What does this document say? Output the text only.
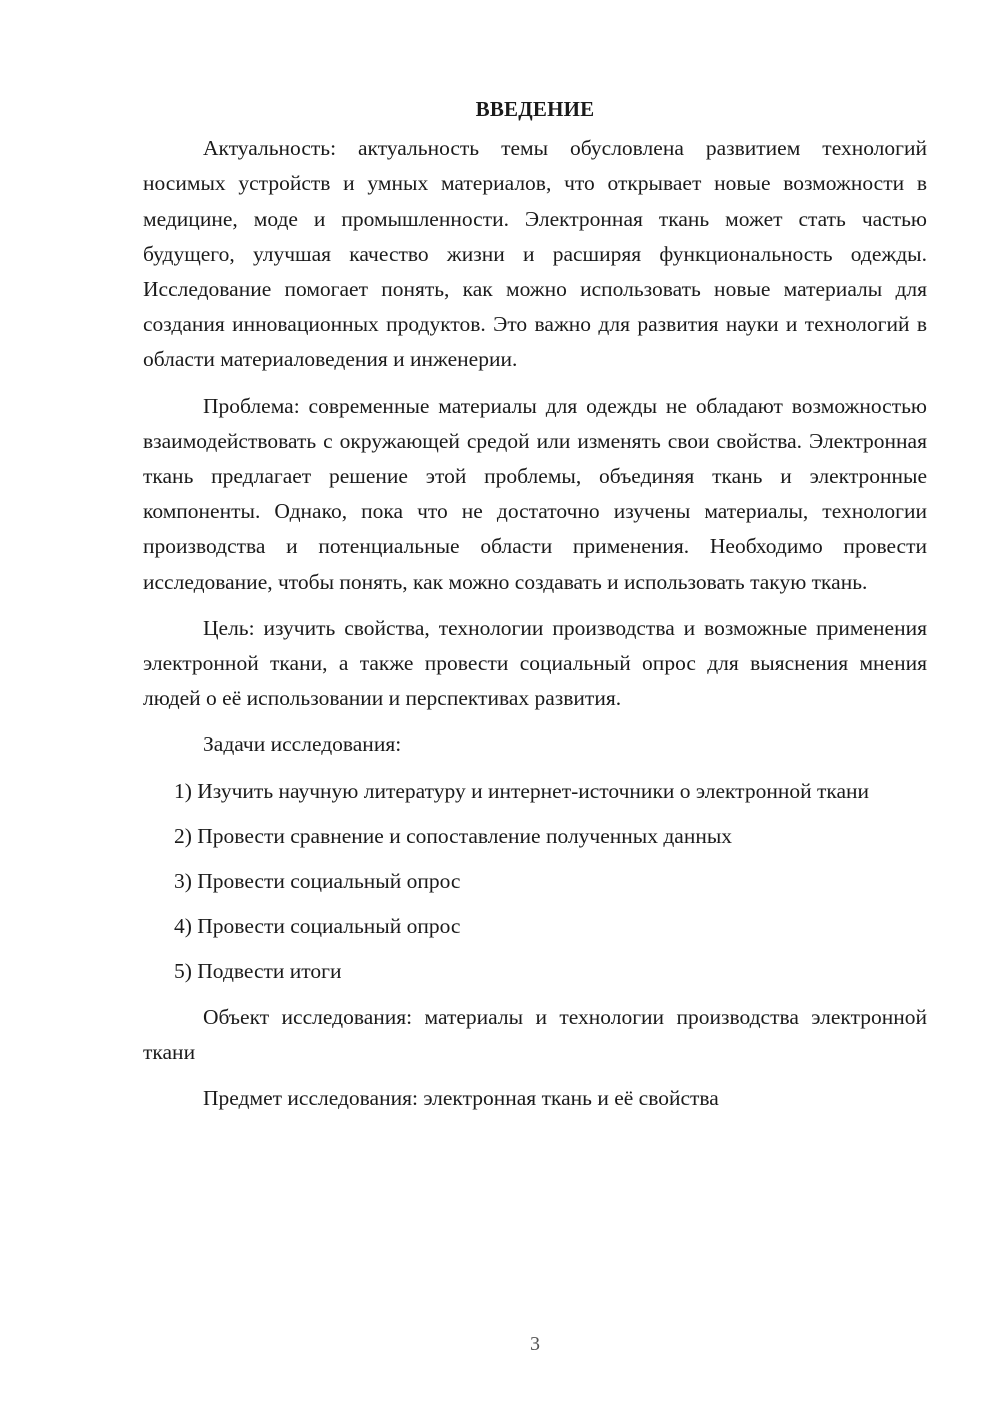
ВВЕДЕНИЕ

Актуальность: актуальность темы обусловлена развитием технологий носимых устройств и умных материалов, что открывает новые возможности в медицине, моде и промышленности. Электронная ткань может стать частью будущего, улучшая качество жизни и расширяя функциональность одежды. Исследование помогает понять, как можно использовать новые материалы для создания инновационных продуктов. Это важно для развития науки и технологий в области материаловедения и инженерии.

Проблема: современные материалы для одежды не обладают возможностью взаимодействовать с окружающей средой или изменять свои свойства. Электронная ткань предлагает решение этой проблемы, объединяя ткань и электронные компоненты. Однако, пока что не достаточно изучены материалы, технологии производства и потенциальные области применения. Необходимо провести исследование, чтобы понять, как можно создавать и использовать такую ткань.

Цель: изучить свойства, технологии производства и возможные применения электронной ткани, а также провести социальный опрос для выяснения мнения людей о её использовании и перспективах развития.

Задачи исследования:

1) Изучить научную литературу и интернет-источники о электронной ткани

2) Провести сравнение и сопоставление полученных данных

3) Провести социальный опрос

4) Провести социальный опрос

5) Подвести итоги

Объект исследования: материалы и технологии производства электронной ткани

Предмет исследования: электронная ткань и её свойства

3
